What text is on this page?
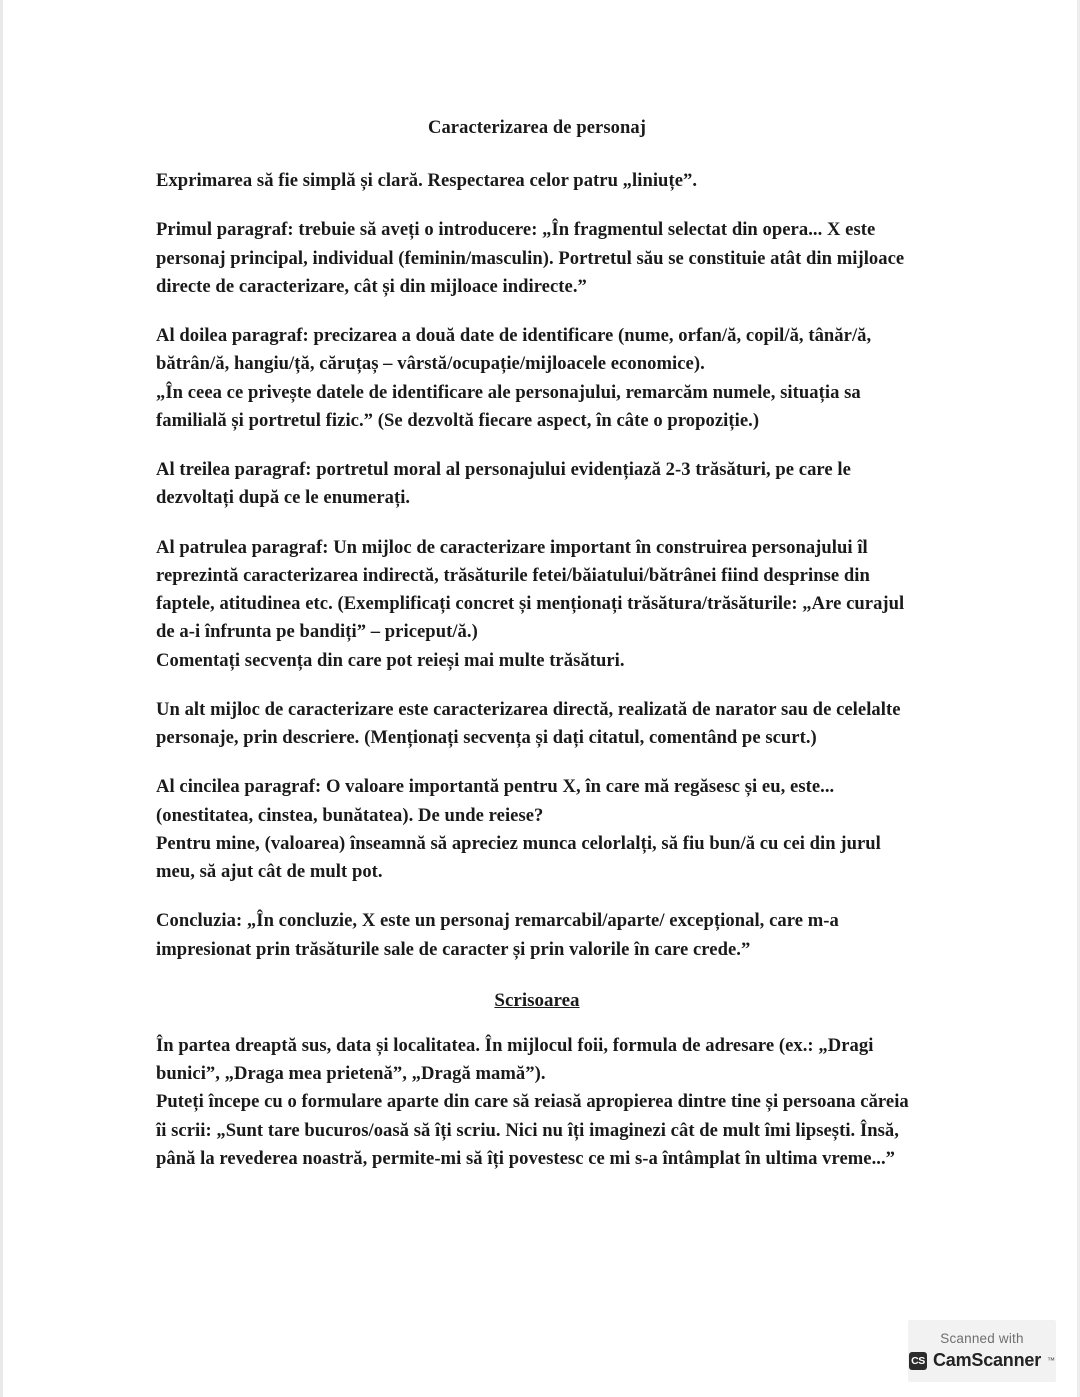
Caracterizarea de personaj

Exprimarea să fie simplă și clară. Respectarea celor patru „liniuțe”.

Primul paragraf: trebuie să aveți o introducere: „În fragmentul selectat din opera... X este personaj principal, individual (feminin/masculin). Portretul său se constituie atât din mijloace directe de caracterizare, cât și din mijloace indirecte.”

Al doilea paragraf: precizarea a două date de identificare (nume, orfan/ă, copil/ă, tânăr/ă, bătrân/ă, hangiu/ță, căruțaș – vârstă/ocupație/mijloacele economice).
„În ceea ce privește datele de identificare ale personajului, remarcăm numele, situația sa familială și portretul fizic.” (Se dezvoltă fiecare aspect, în câte o propoziție.)

Al treilea paragraf: portretul moral al personajului evidențiază 2-3 trăsături, pe care le dezvoltați după ce le enumerați.

Al patrulea paragraf: Un mijloc de caracterizare important în construirea personajului îl reprezintă caracterizarea indirectă, trăsăturile fetei/băiatului/bătrânei fiind desprinse din faptele, atitudinea etc. (Exemplificați concret și menționați trăsătura/trăsăturile: „Are curajul de a-i înfrunta pe bandiți” – priceput/ă.)
Comentați secvența din care pot reieși mai multe trăsături.

Un alt mijloc de caracterizare este caracterizarea directă, realizată de narator sau de celelalte personaje, prin descriere. (Menționați secvența și dați citatul, comentând pe scurt.)

Al cincilea paragraf: O valoare importantă pentru X, în care mă regăsesc și eu, este... (onestitatea, cinstea, bunătatea). De unde reiese?
Pentru mine, (valoarea) înseamnă să apreciez munca celorlalți, să fiu bun/ă cu cei din jurul meu, să ajut cât de mult pot.

Concluzia: „În concluzie, X este un personaj remarcabil/aparte/ excepțional, care m-a impresionat prin trăsăturile sale de caracter și prin valorile în care crede.”

Scrisoarea

În partea dreaptă sus, data și localitatea. În mijlocul foii, formula de adresare (ex.: „Dragi bunici”, „Draga mea prietenă”, „Dragă mamă”).
Puteți începe cu o formulare aparte din care să reiasă apropierea dintre tine și persoana căreia îi scrii: „Sunt tare bucuros/oasă să îți scriu. Nici nu îți imaginezi cât de mult îmi lipsești. Însă, până la revederea noastră, permite-mi să îți povestesc ce mi s-a întâmplat în ultima vreme...”

Scanned with
CS CamScanner ™
